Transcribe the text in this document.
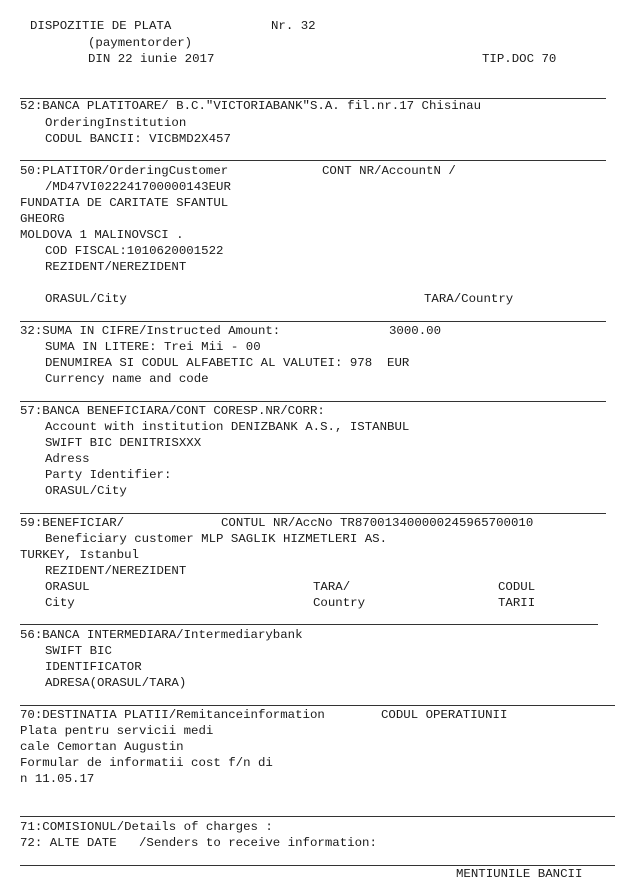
DISPOZITIE DE PLATA	Nr. 32
(paymentorder)
DIN 22 iunie 2017	TIP.DOC 70
52:BANCA PLATITOARE/ B.C."VICTORIABANK"S.A. fil.nr.17 Chisinau
OrderingInstitution
CODUL BANCII: VICBMD2X457
50:PLATITOR/OrderingCustomer	CONT NR/AccountN /
/MD47VI022241700000143EUR
FUNDATIA DE CARITATE SFANTUL
GHEORG
MOLDOVA 1 MALINOVSCI .
COD FISCAL:1010620001522
REZIDENT/NEREZIDENT
ORASUL/City	TARA/Country
32:SUMA IN CIFRE/Instructed Amount:	3000.00
SUMA IN LITERE: Trei Mii - 00
DENUMIREA SI CODUL ALFABETIC AL VALUTEI: 978  EUR
Currency name and code
57:BANCA BENEFICIARA/CONT CORESP.NR/CORR:
Account with institution DENIZBANK A.S., ISTANBUL
SWIFT BIC DENITRISXXX
Adress
Party Identifier:
ORASUL/City
59:BENEFICIAR/	CONTUL NR/AccNo TR870013400000245965700010
Beneficiary customer MLP SAGLIK HIZMETLERI AS.
TURKEY, Istanbul
REZIDENT/NEREZIDENT
ORASUL	TARA/	CODUL
City	Country	TARII
56:BANCA INTERMEDIARA/Intermediarybank
SWIFT BIC
IDENTIFICATOR
ADRESA(ORASUL/TARA)
70:DESTINATIA PLATII/Remitanceinformation	CODUL OPERATIUNII
Plata pentru servicii medi
cale Cemortan Augustin
Formular de informatii cost f/n di
n 11.05.17
71:COMISIONUL/Details of charges :
72: ALTE DATE   /Senders to receive information:
MENTIUNILE BANCII
